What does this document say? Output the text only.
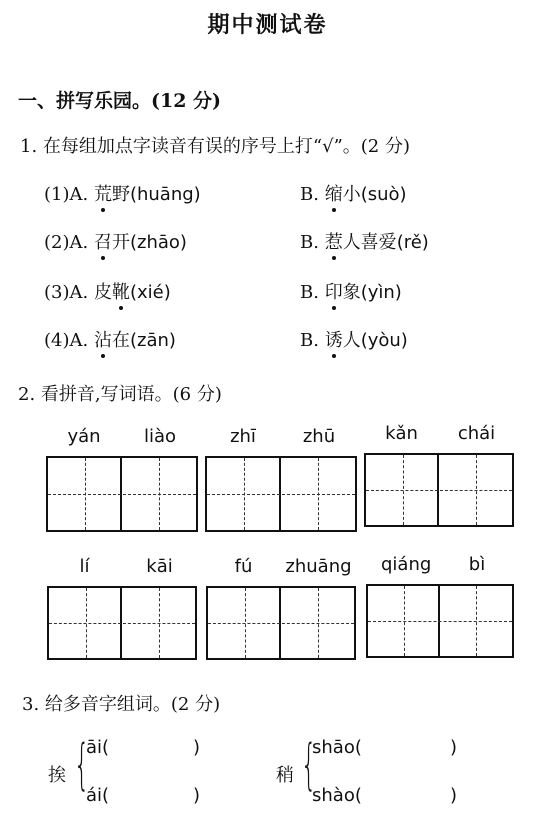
期中测试卷
一、拼写乐园。(12 分)
1. 在每组加点字读音有误的序号上打“√”。(2 分)
(1)A. 荒野(huāng)	B. 缩小(suò)
(2)A. 召开(zhāo)	B. 惹人喜爱(rě)
(3)A. 皮靴(xié)	B. 印象(yìn)
(4)A. 沾在(zān)	B. 诱人(yòu)
2. 看拼音,写词语。(6 分)
yán	liào	zhī	zhū	kǎn	chái
lí	kāi	fú	zhuāng	qiáng	bì
3. 给多音字组词。(2 分)
挨 {
āi(	)
ái(	)
稍 {
shāo(	)
shào(	)
